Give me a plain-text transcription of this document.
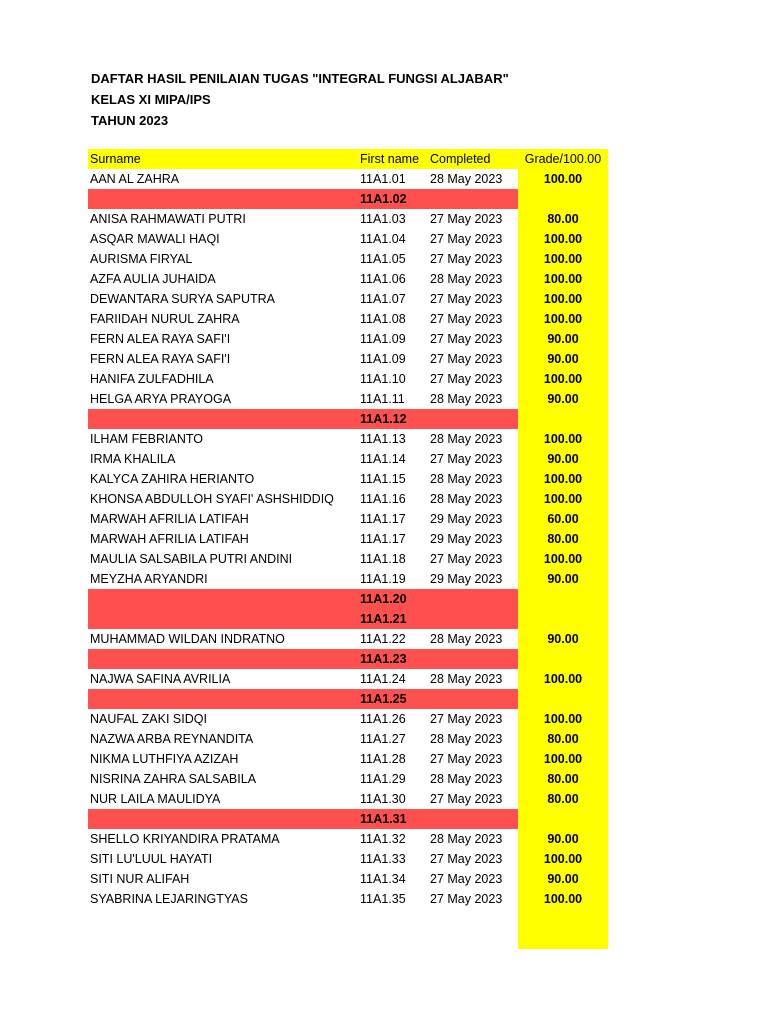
DAFTAR HASIL PENILAIAN TUGAS "INTEGRAL FUNGSI ALJABAR"
KELAS XI MIPA/IPS
TAHUN 2023
Surname	First name	Completed	Grade/100.00
AAN AL ZAHRA	11A1.01	28 May 2023	100.00
	11A1.02		
ANISA RAHMAWATI PUTRI	11A1.03	27 May 2023	80.00
ASQAR MAWALI HAQI	11A1.04	27 May 2023	100.00
AURISMA FIRYAL	11A1.05	27 May 2023	100.00
AZFA AULIA JUHAIDA	11A1.06	28 May 2023	100.00
DEWANTARA SURYA SAPUTRA	11A1.07	27 May 2023	100.00
FARIIDAH NURUL ZAHRA	11A1.08	27 May 2023	100.00
FERN ALEA RAYA SAFI'I	11A1.09	27 May 2023	90.00
FERN ALEA RAYA SAFI'I	11A1.09	27 May 2023	90.00
HANIFA ZULFADHILA	11A1.10	27 May 2023	100.00
HELGA ARYA PRAYOGA	11A1.11	28 May 2023	90.00
	11A1.12		
ILHAM FEBRIANTO	11A1.13	28 May 2023	100.00
IRMA KHALILA	11A1.14	27 May 2023	90.00
KALYCA ZAHIRA HERIANTO	11A1.15	28 May 2023	100.00
KHONSA ABDULLOH SYAFI' ASHSHIDDIQ	11A1.16	28 May 2023	100.00
MARWAH AFRILIA LATIFAH	11A1.17	29 May 2023	60.00
MARWAH AFRILIA LATIFAH	11A1.17	29 May 2023	80.00
MAULIA SALSABILA PUTRI ANDINI	11A1.18	27 May 2023	100.00
MEYZHA ARYANDRI	11A1.19	29 May 2023	90.00
	11A1.20		
	11A1.21		
MUHAMMAD WILDAN INDRATNO	11A1.22	28 May 2023	90.00
	11A1.23		
NAJWA SAFINA AVRILIA	11A1.24	28 May 2023	100.00
	11A1.25		
NAUFAL ZAKI SIDQI	11A1.26	27 May 2023	100.00
NAZWA ARBA REYNANDITA	11A1.27	28 May 2023	80.00
NIKMA LUTHFIYA AZIZAH	11A1.28	27 May 2023	100.00
NISRINA ZAHRA SALSABILA	11A1.29	28 May 2023	80.00
NUR LAILA MAULIDYA	11A1.30	27 May 2023	80.00
	11A1.31		
SHELLO KRIYANDIRA PRATAMA	11A1.32	28 May 2023	90.00
SITI LU'LUUL HAYATI	11A1.33	27 May 2023	100.00
SITI NUR ALIFAH	11A1.34	27 May 2023	90.00
SYABRINA LEJARINGTYAS	11A1.35	27 May 2023	100.00
